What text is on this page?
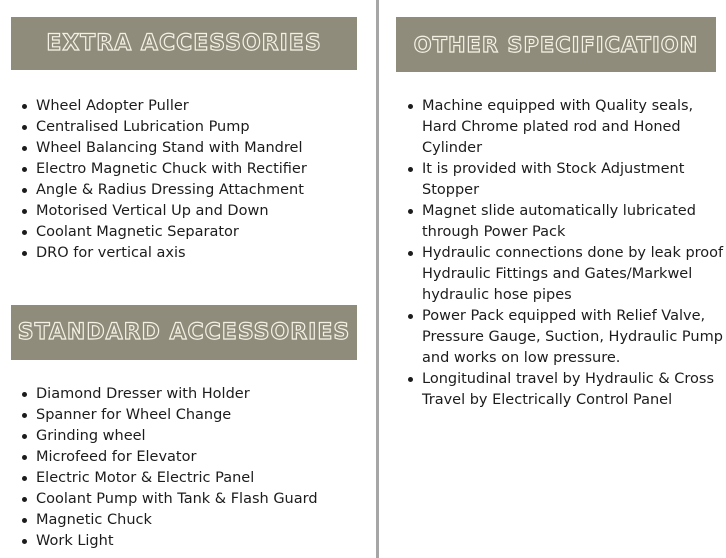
EXTRA ACCESSORIES
Wheel Adopter Puller
Centralised Lubrication Pump
Wheel Balancing Stand with Mandrel
Electro Magnetic Chuck with Rectifier
Angle & Radius Dressing Attachment
Motorised Vertical Up and Down
Coolant Magnetic Separator
DRO for vertical axis
STANDARD ACCESSORIES
Diamond Dresser with Holder
Spanner for Wheel Change
Grinding wheel
Microfeed for Elevator
Electric Motor & Electric Panel
Coolant Pump with Tank & Flash Guard
Magnetic Chuck
Work Light
OTHER SPECIFICATION
Machine equipped with Quality seals, Hard Chrome plated rod and Honed Cylinder
It is provided with Stock Adjustment Stopper
Magnet slide automatically lubricated through Power Pack
Hydraulic connections done by leak proof Hydraulic Fittings and Gates/Markwel hydraulic hose pipes
Power Pack equipped with Relief Valve, Pressure Gauge, Suction, Hydraulic Pump and works on low pressure.
Longitudinal travel by Hydraulic & Cross Travel by Electrically Control Panel
